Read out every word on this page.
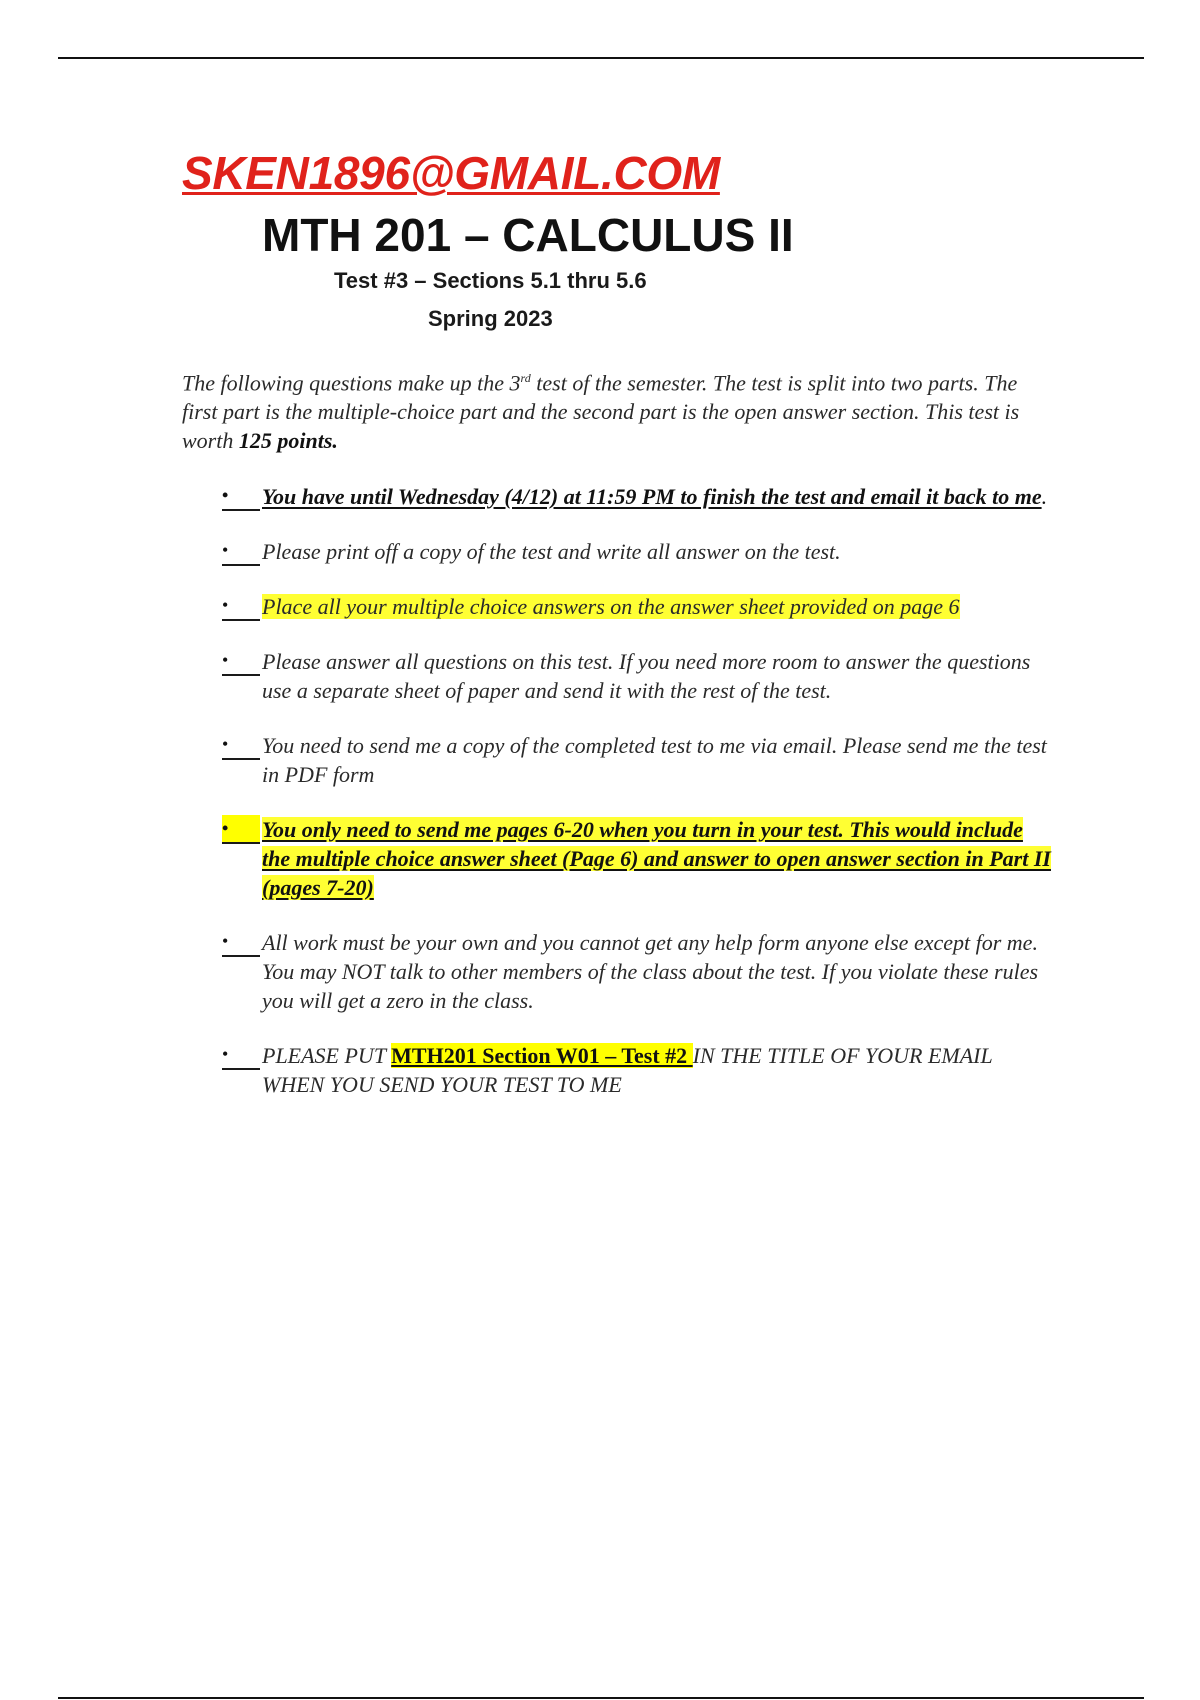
SKEN1896@GMAIL.COM
MTH 201 – CALCULUS II
Test #3 – Sections 5.1 thru 5.6
Spring 2023
The following questions make up the 3rd test of the semester. The test is split into two parts. The first part is the multiple-choice part and the second part is the open answer section. This test is worth 125 points.
•	You have until Wednesday (4/12) at 11:59 PM to finish the test and email it back to me.
•	Please print off a copy of the test and write all answer on the test.
•	Place all your multiple choice answers on the answer sheet provided on page 6
•	Please answer all questions on this test. If you need more room to answer the questions use a separate sheet of paper and send it with the rest of the test.
•	You need to send me a copy of the completed test to me via email. Please send me the test in PDF form
•	You only need to send me pages 6-20 when you turn in your test. This would include the multiple choice answer sheet (Page 6) and answer to open answer section in Part II (pages 7-20)
•	All work must be your own and you cannot get any help form anyone else except for me. You may NOT talk to other members of the class about the test. If you violate these rules you will get a zero in the class.
•	PLEASE PUT MTH201 Section W01 – Test #2 IN THE TITLE OF YOUR EMAIL WHEN YOU SEND YOUR TEST TO ME
